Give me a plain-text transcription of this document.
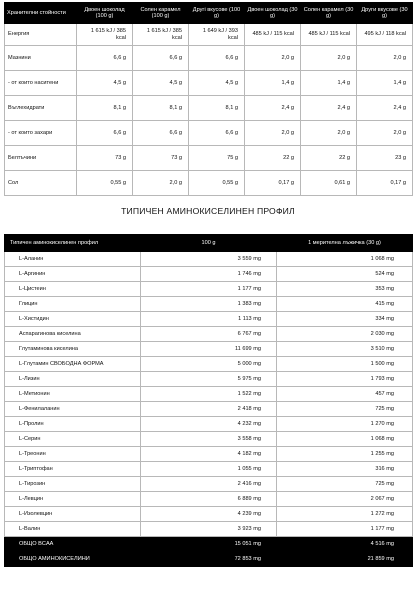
Хранителни стойности	Двоен шоколад (100 g)	Солен карамел (100 g)	Другi вкусове (100 g)	Двоен шоколад (30 g)	Солен карамел (30 g)	Други вкусове (30 g)
Енергия	1 615 kJ / 385 kcal	1 615 kJ / 385 kcal	1 649 kJ / 393 kcal	485 kJ / 115 kcal	485 kJ / 115 kcal	495 kJ / 118 kcal
Мазнини	6,6 g	6,6 g	6,6 g	2,0 g	2,0 g	2,0 g
- от които наситени	4,5 g	4,5 g	4,5 g	1,4 g	1,4 g	1,4 g
Въглехидрати	8,1 g	8,1 g	8,1 g	2,4 g	2,4 g	2,4 g
- от които захари	6,6 g	6,6 g	6,6 g	2,0 g	2,0 g	2,0 g
Белтъчини	73 g	73 g	75 g	22 g	22 g	23 g
Сол	0,55 g	2,0 g	0,55 g	0,17 g	0,61 g	0,17 g
ТИПИЧЕН АМИНОКИСЕЛИНЕН ПРОФИЛ
Типичен аминокиселинен профил	100 g	1 мерителна лъжичка (30 g)
L-Аланин	3 559 mg	1 068 mg
L-Аргинин	1 746 mg	524 mg
L-Цистеин	1 177 mg	353 mg
Глицин	1 383 mg	415 mg
L-Хистидин	1 113 mg	334 mg
Аспарагинова киселина	6 767 mg	2 030 mg
Глутаминова киселина	11 699 mg	3 510 mg
L-Глутамин СВОБОДНА ФОРМА	5 000 mg	1 500 mg
L-Лизин	5 975 mg	1 793 mg
L-Метионин	1 522 mg	457 mg
L-Фенилаланин	2 418 mg	725 mg
L-Пролин	4 232 mg	1 270 mg
L-Серин	3 558 mg	1 068 mg
L-Треонин	4 182 mg	1 255 mg
L-Триптофан	1 055 mg	316 mg
L-Тирозин	2 416 mg	725 mg
L-Левцин	6 889 mg	2 067 mg
L-Изолевцин	4 239 mg	1 272 mg
L-Валин	3 923 mg	1 177 mg
ОБЩО BCAA	15 051 mg	4 516 mg
ОБЩО АМИНОКИСЕЛИНИ	72 853 mg	21 859 mg
